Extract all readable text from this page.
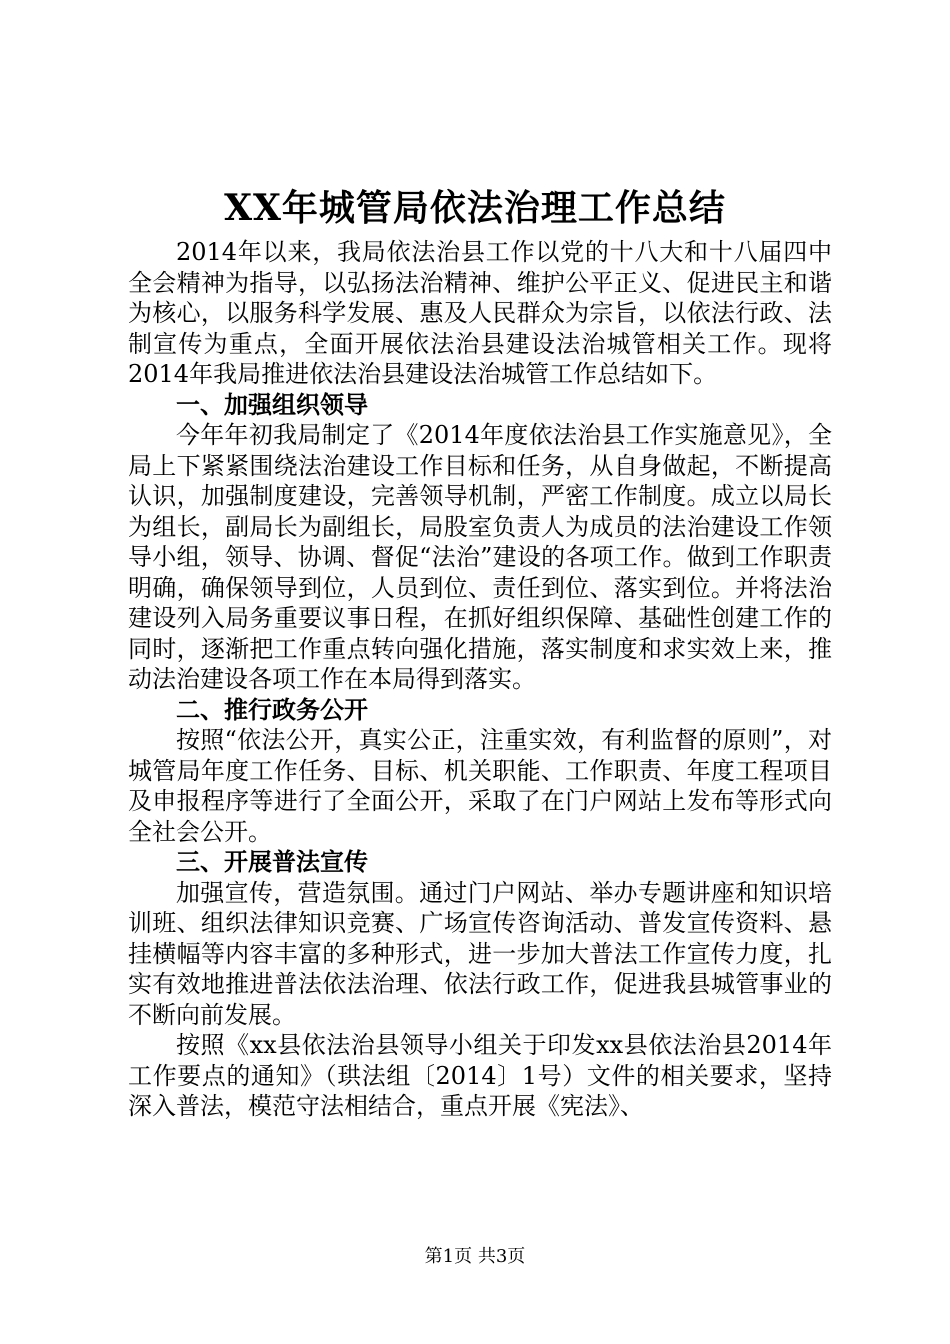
XX年城管局依法治理工作总结

2014年以来，我局依法治县工作以党的十八大和十八届四中全会精神为指导，以弘扬法治精神、维护公平正义、促进民主和谐为核心，以服务科学发展、惠及人民群众为宗旨，以依法行政、法制宣传为重点，全面开展依法治县建设法治城管相关工作。现将2014年我局推进依法治县建设法治城管工作总结如下。

一、加强组织领导

今年年初我局制定了《2014年度依法治县工作实施意见》，全局上下紧紧围绕法治建设工作目标和任务，从自身做起，不断提高认识，加强制度建设，完善领导机制，严密工作制度。成立以局长为组长，副局长为副组长，局股室负责人为成员的法治建设工作领导小组，领导、协调、督促“法治”建设的各项工作。做到工作职责明确，确保领导到位，人员到位、责任到位、落实到位。并将法治建设列入局务重要议事日程，在抓好组织保障、基础性创建工作的同时，逐渐把工作重点转向强化措施，落实制度和求实效上来，推动法治建设各项工作在本局得到落实。

二、推行政务公开

按照“依法公开，真实公正，注重实效，有利监督的原则”，对城管局年度工作任务、目标、机关职能、工作职责、年度工程项目及申报程序等进行了全面公开，采取了在门户网站上发布等形式向全社会公开。

三、开展普法宣传

加强宣传，营造氛围。通过门户网站、举办专题讲座和知识培训班、组织法律知识竞赛、广场宣传咨询活动、普发宣传资料、悬挂横幅等内容丰富的多种形式，进一步加大普法工作宣传力度，扎实有效地推进普法依法治理、依法行政工作，促进我县城管事业的不断向前发展。

按照《xx县依法治县领导小组关于印发xx县依法治县2014年工作要点的通知》（珙法组〔2014〕1号）文件的相关要求，坚持深入普法，模范守法相结合，重点开展《宪法》、

第1页 共3页
